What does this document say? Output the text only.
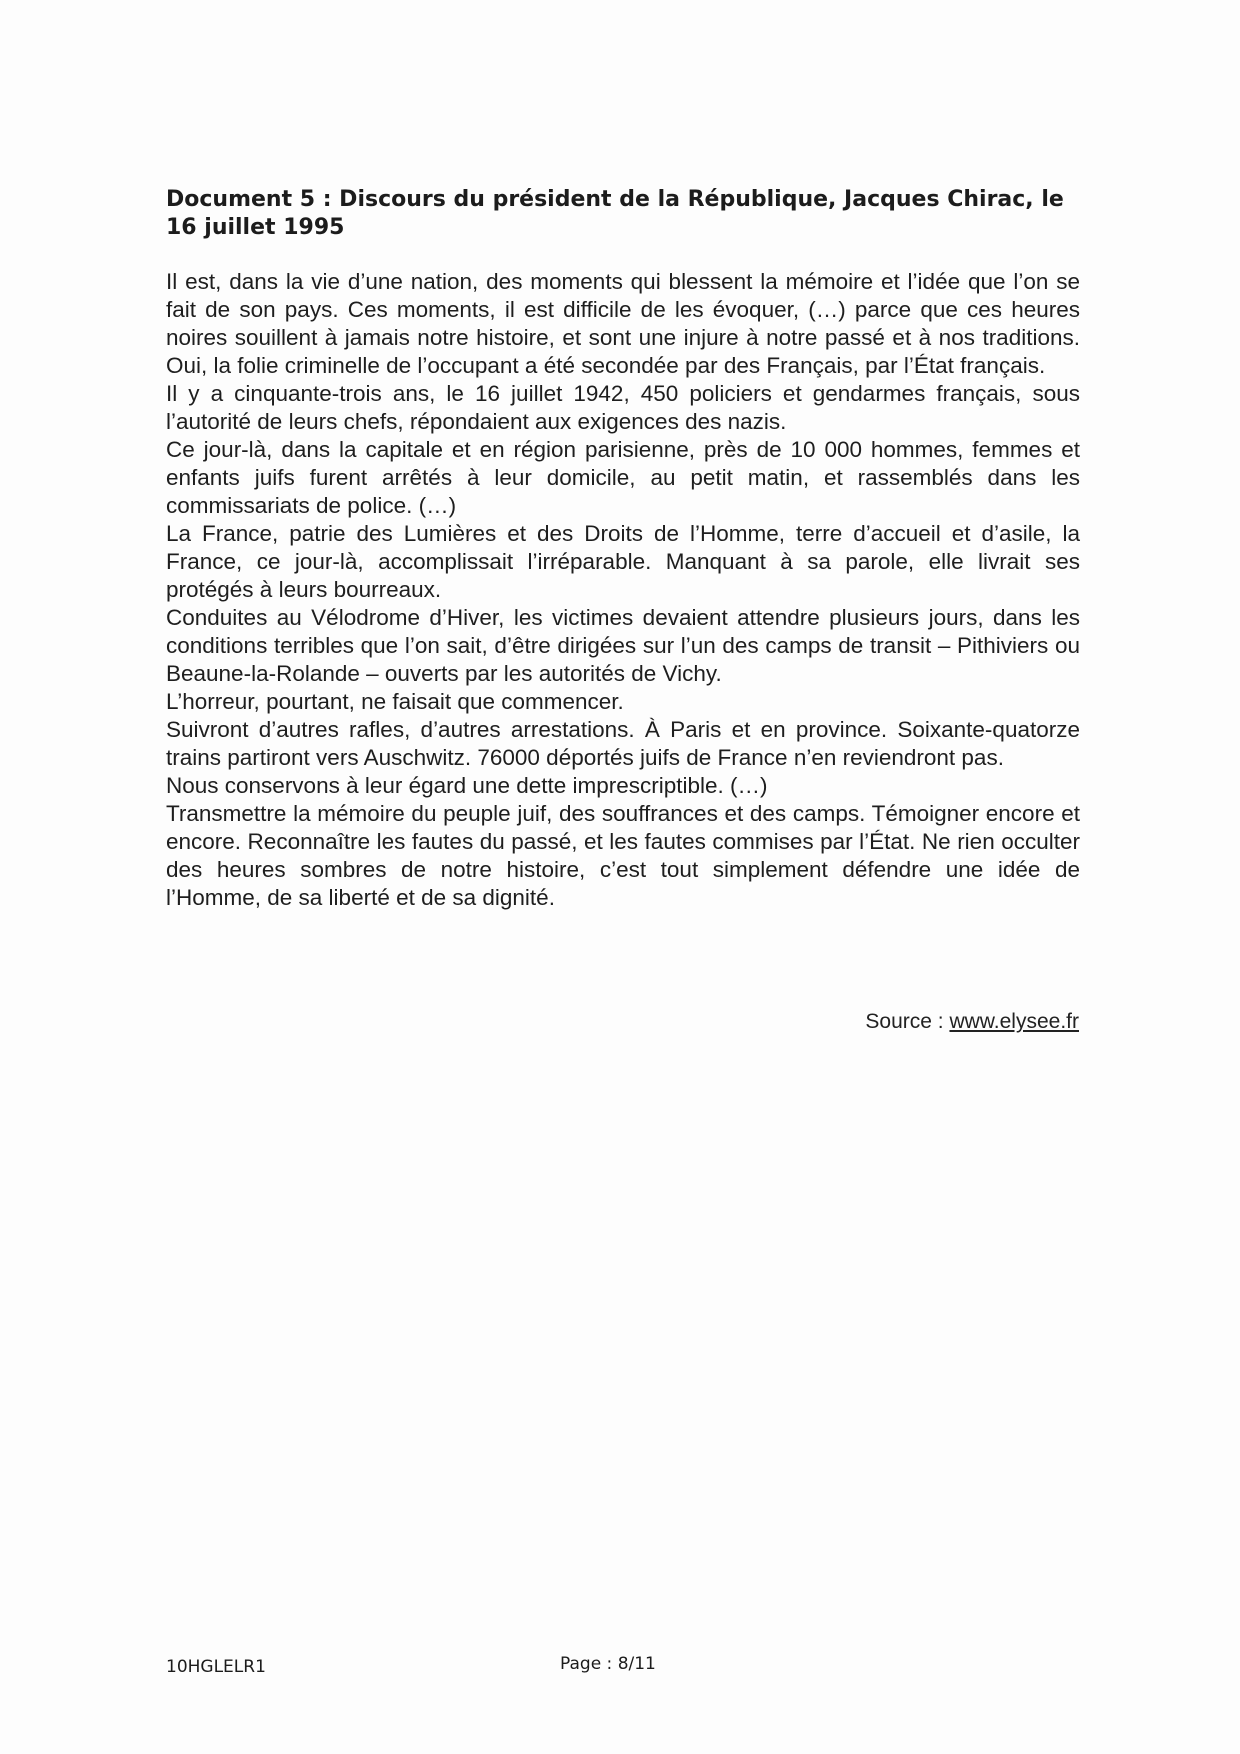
Document 5 : Discours du président de la République, Jacques Chirac, le 16 juillet 1995

Il est, dans la vie d’une nation, des moments qui blessent la mémoire et l’idée que l’on se fait de son pays. Ces moments, il est difficile de les évoquer, (…) parce que ces heures noires souillent à jamais notre histoire, et sont une injure à notre passé et à nos traditions. Oui, la folie criminelle de l’occupant a été secondée par des Français, par l’État français.

Il y a cinquante-trois ans, le 16 juillet 1942, 450 policiers et gendarmes français, sous l’autorité de leurs chefs, répondaient aux exigences des nazis.

Ce jour-là, dans la capitale et en région parisienne, près de 10 000 hommes, femmes et enfants juifs furent arrêtés à leur domicile, au petit matin, et rassemblés dans les commissariats de police. (…)

La France, patrie des Lumières et des Droits de l’Homme, terre d’accueil et d’asile, la France, ce jour-là, accomplissait l’irréparable. Manquant à sa parole, elle livrait ses protégés à leurs bourreaux.

Conduites au Vélodrome d’Hiver, les victimes devaient attendre plusieurs jours, dans les conditions terribles que l’on sait, d’être dirigées sur l’un des camps de transit – Pithiviers ou Beaune-la-Rolande – ouverts par les autorités de Vichy.

L’horreur, pourtant, ne faisait que commencer.

Suivront d’autres rafles, d’autres arrestations. À Paris et en province. Soixante-quatorze trains partiront vers Auschwitz. 76000 déportés juifs de France n’en reviendront pas.

Nous conservons à leur égard une dette imprescriptible. (…)

Transmettre la mémoire du peuple juif, des souffrances et des camps. Témoigner encore et encore. Reconnaître les fautes du passé, et les fautes commises par l’État. Ne rien occulter des heures sombres de notre histoire, c’est tout simplement défendre une idée de l’Homme, de sa liberté et de sa dignité.

Source : www.elysee.fr
10HGLELR1	Page : 8/11
